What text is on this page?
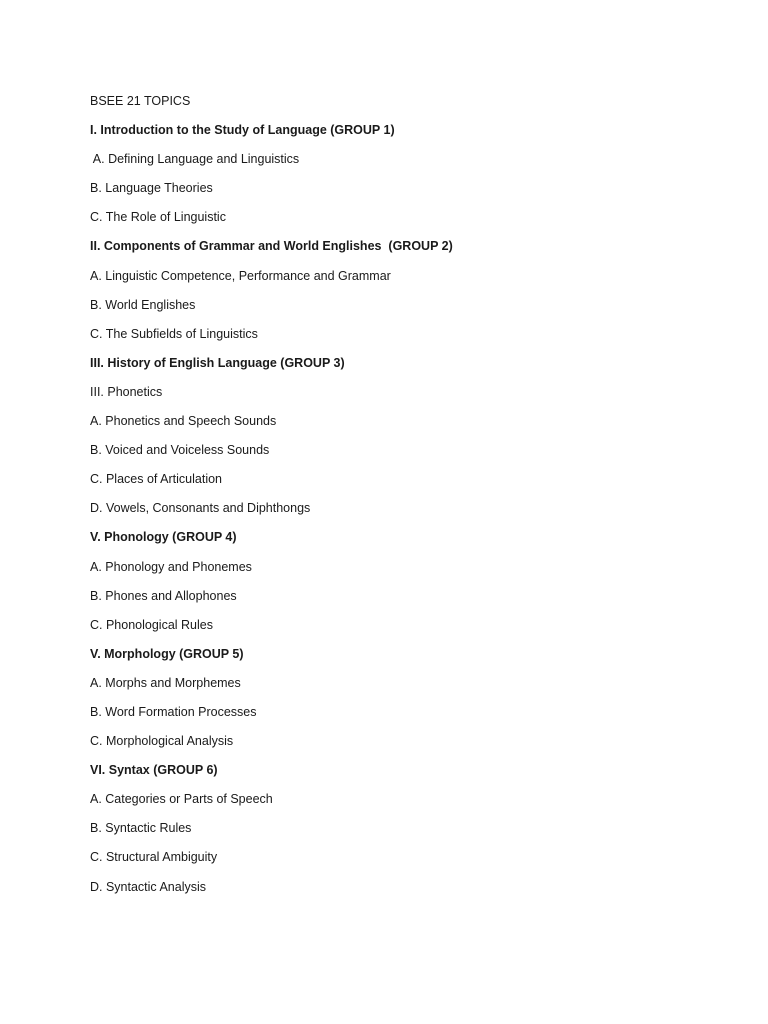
BSEE 21 TOPICS
I. Introduction to the Study of Language (GROUP 1)
A. Defining Language and Linguistics
B. Language Theories
C. The Role of Linguistic
II. Components of Grammar and World Englishes  (GROUP 2)
A. Linguistic Competence, Performance and Grammar
B. World Englishes
C. The Subfields of Linguistics
III. History of English Language (GROUP 3)
III. Phonetics
A. Phonetics and Speech Sounds
B. Voiced and Voiceless Sounds
C. Places of Articulation
D. Vowels, Consonants and Diphthongs
V. Phonology (GROUP 4)
A. Phonology and Phonemes
B. Phones and Allophones
C. Phonological Rules
V. Morphology (GROUP 5)
A. Morphs and Morphemes
B. Word Formation Processes
C. Morphological Analysis
VI. Syntax (GROUP 6)
A. Categories or Parts of Speech
B. Syntactic Rules
C. Structural Ambiguity
D. Syntactic Analysis
